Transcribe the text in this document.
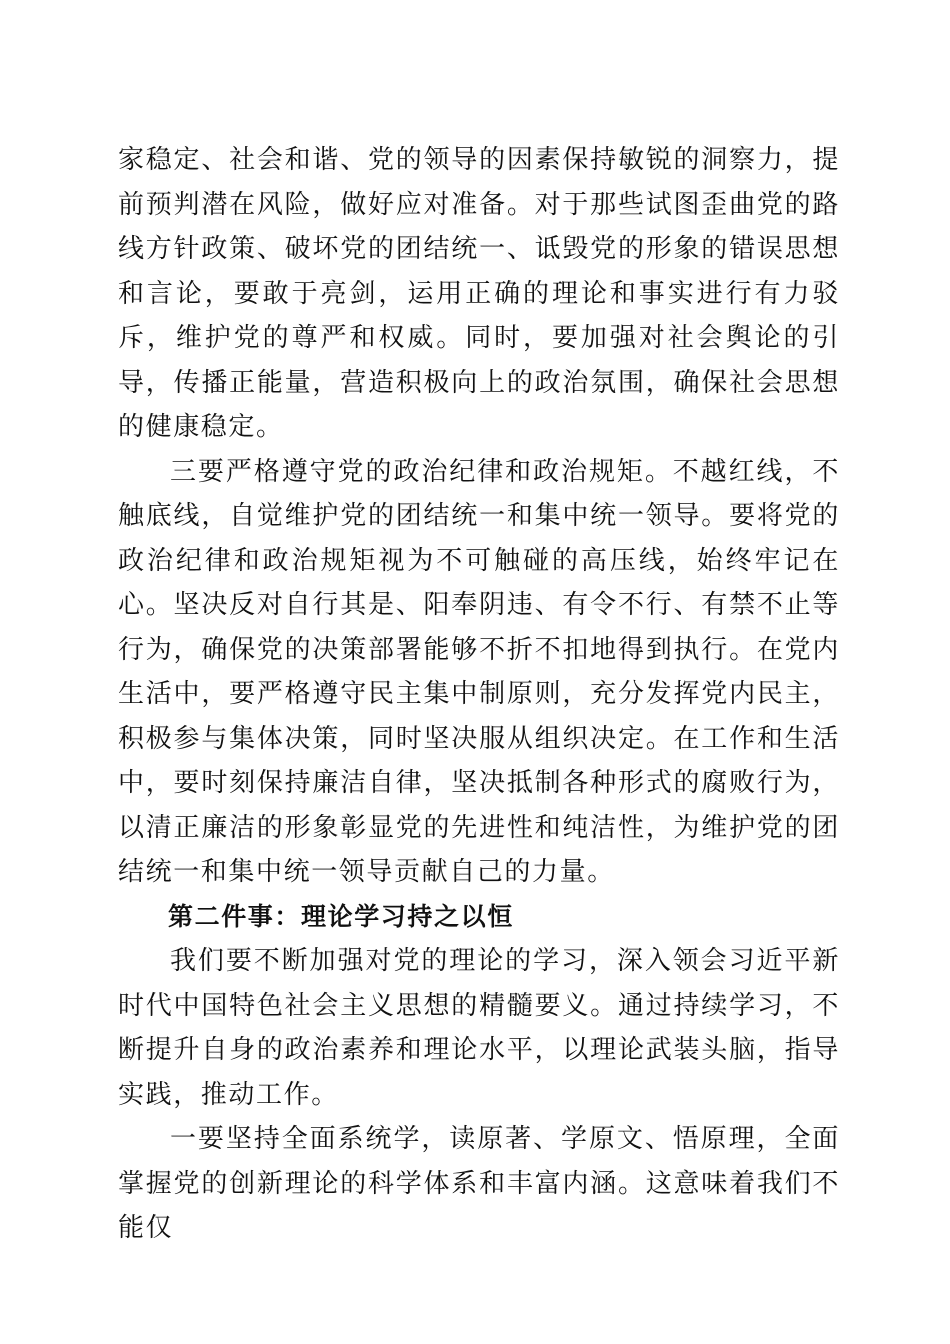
家稳定、社会和谐、党的领导的因素保持敏锐的洞察力，提前预判潜在风险，做好应对准备。对于那些试图歪曲党的路线方针政策、破坏党的团结统一、诋毁党的形象的错误思想和言论，要敢于亮剑，运用正确的理论和事实进行有力驳斥，维护党的尊严和权威。同时，要加强对社会舆论的引导，传播正能量，营造积极向上的政治氛围，确保社会思想的健康稳定。

三要严格遵守党的政治纪律和政治规矩。不越红线，不触底线，自觉维护党的团结统一和集中统一领导。要将党的政治纪律和政治规矩视为不可触碰的高压线，始终牢记在心。坚决反对自行其是、阳奉阴违、有令不行、有禁不止等行为，确保党的决策部署能够不折不扣地得到执行。在党内生活中，要严格遵守民主集中制原则，充分发挥党内民主，积极参与集体决策，同时坚决服从组织决定。在工作和生活中，要时刻保持廉洁自律，坚决抵制各种形式的腐败行为，以清正廉洁的形象彰显党的先进性和纯洁性，为维护党的团结统一和集中统一领导贡献自己的力量。

第二件事：理论学习持之以恒

我们要不断加强对党的理论的学习，深入领会习近平新时代中国特色社会主义思想的精髓要义。通过持续学习，不断提升自身的政治素养和理论水平，以理论武装头脑，指导实践，推动工作。

一要坚持全面系统学，读原著、学原文、悟原理，全面掌握党的创新理论的科学体系和丰富内涵。这意味着我们不能仅
